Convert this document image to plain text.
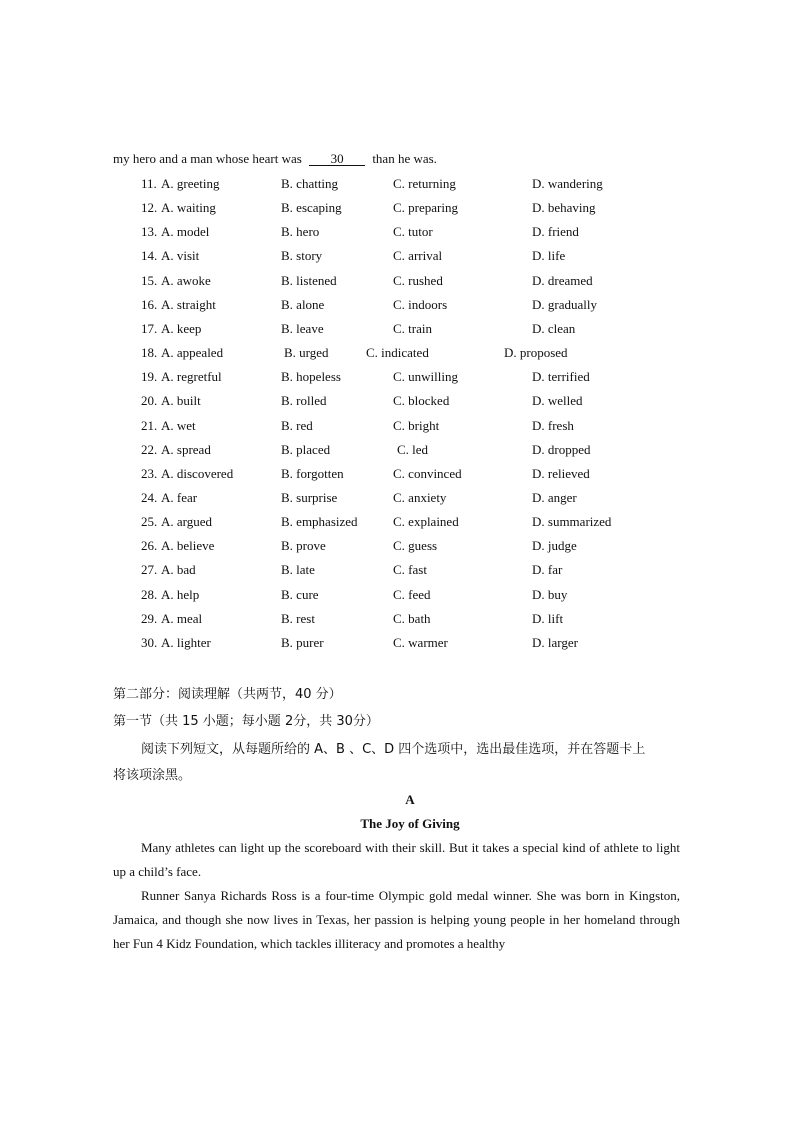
my hero and a man whose heart was 30 than he was.
11. A. greeting	B. chatting	C. returning	D. wandering
12. A. waiting	B. escaping	C. preparing	D. behaving
13. A. model	B. hero	C. tutor	D. friend
14. A. visit	B. story	C. arrival	D. life
15. A. awoke	B. listened	C. rushed	D. dreamed
16. A. straight	B. alone	C. indoors	D. gradually
17. A. keep	B. leave	C. train	D. clean
18. A. appealed	B. urged	C. indicated	D. proposed
19. A. regretful	B. hopeless	C. unwilling	D. terrified
20. A. built	B. rolled	C. blocked	D. welled
21. A. wet	B. red	C. bright	D. fresh
22. A. spread	B. placed	C. led	D. dropped
23. A. discovered	B. forgotten	C. convinced	D. relieved
24. A. fear	B. surprise	C. anxiety	D. anger
25. A. argued	B. emphasized	C. explained	D. summarized
26. A. believe	B. prove	C. guess	D. judge
27. A. bad	B. late	C. fast	D. far
28. A. help	B. cure	C. feed	D. buy
29. A. meal	B. rest	C. bath	D. lift
30. A. lighter	B. purer	C. warmer	D. larger
第二部分：阅读理解（共两节，40 分）
第一节（共 15 小题；每小题 2分，共 30分）
阅读下列短文，从每题所给的 A、B 、C、D 四个选项中，选出最佳选项，并在答题卡上
将该项涂黑。
A
The Joy of Giving
Many athletes can light up the scoreboard with their skill. But it takes a special kind of athlete to light up a child’s face.
Runner Sanya Richards Ross is a four-time Olympic gold medal winner. She was born in Kingston, Jamaica, and though she now lives in Texas, her passion is helping young people in her homeland through her Fun 4 Kidz Foundation, which tackles illiteracy and promotes a healthy
